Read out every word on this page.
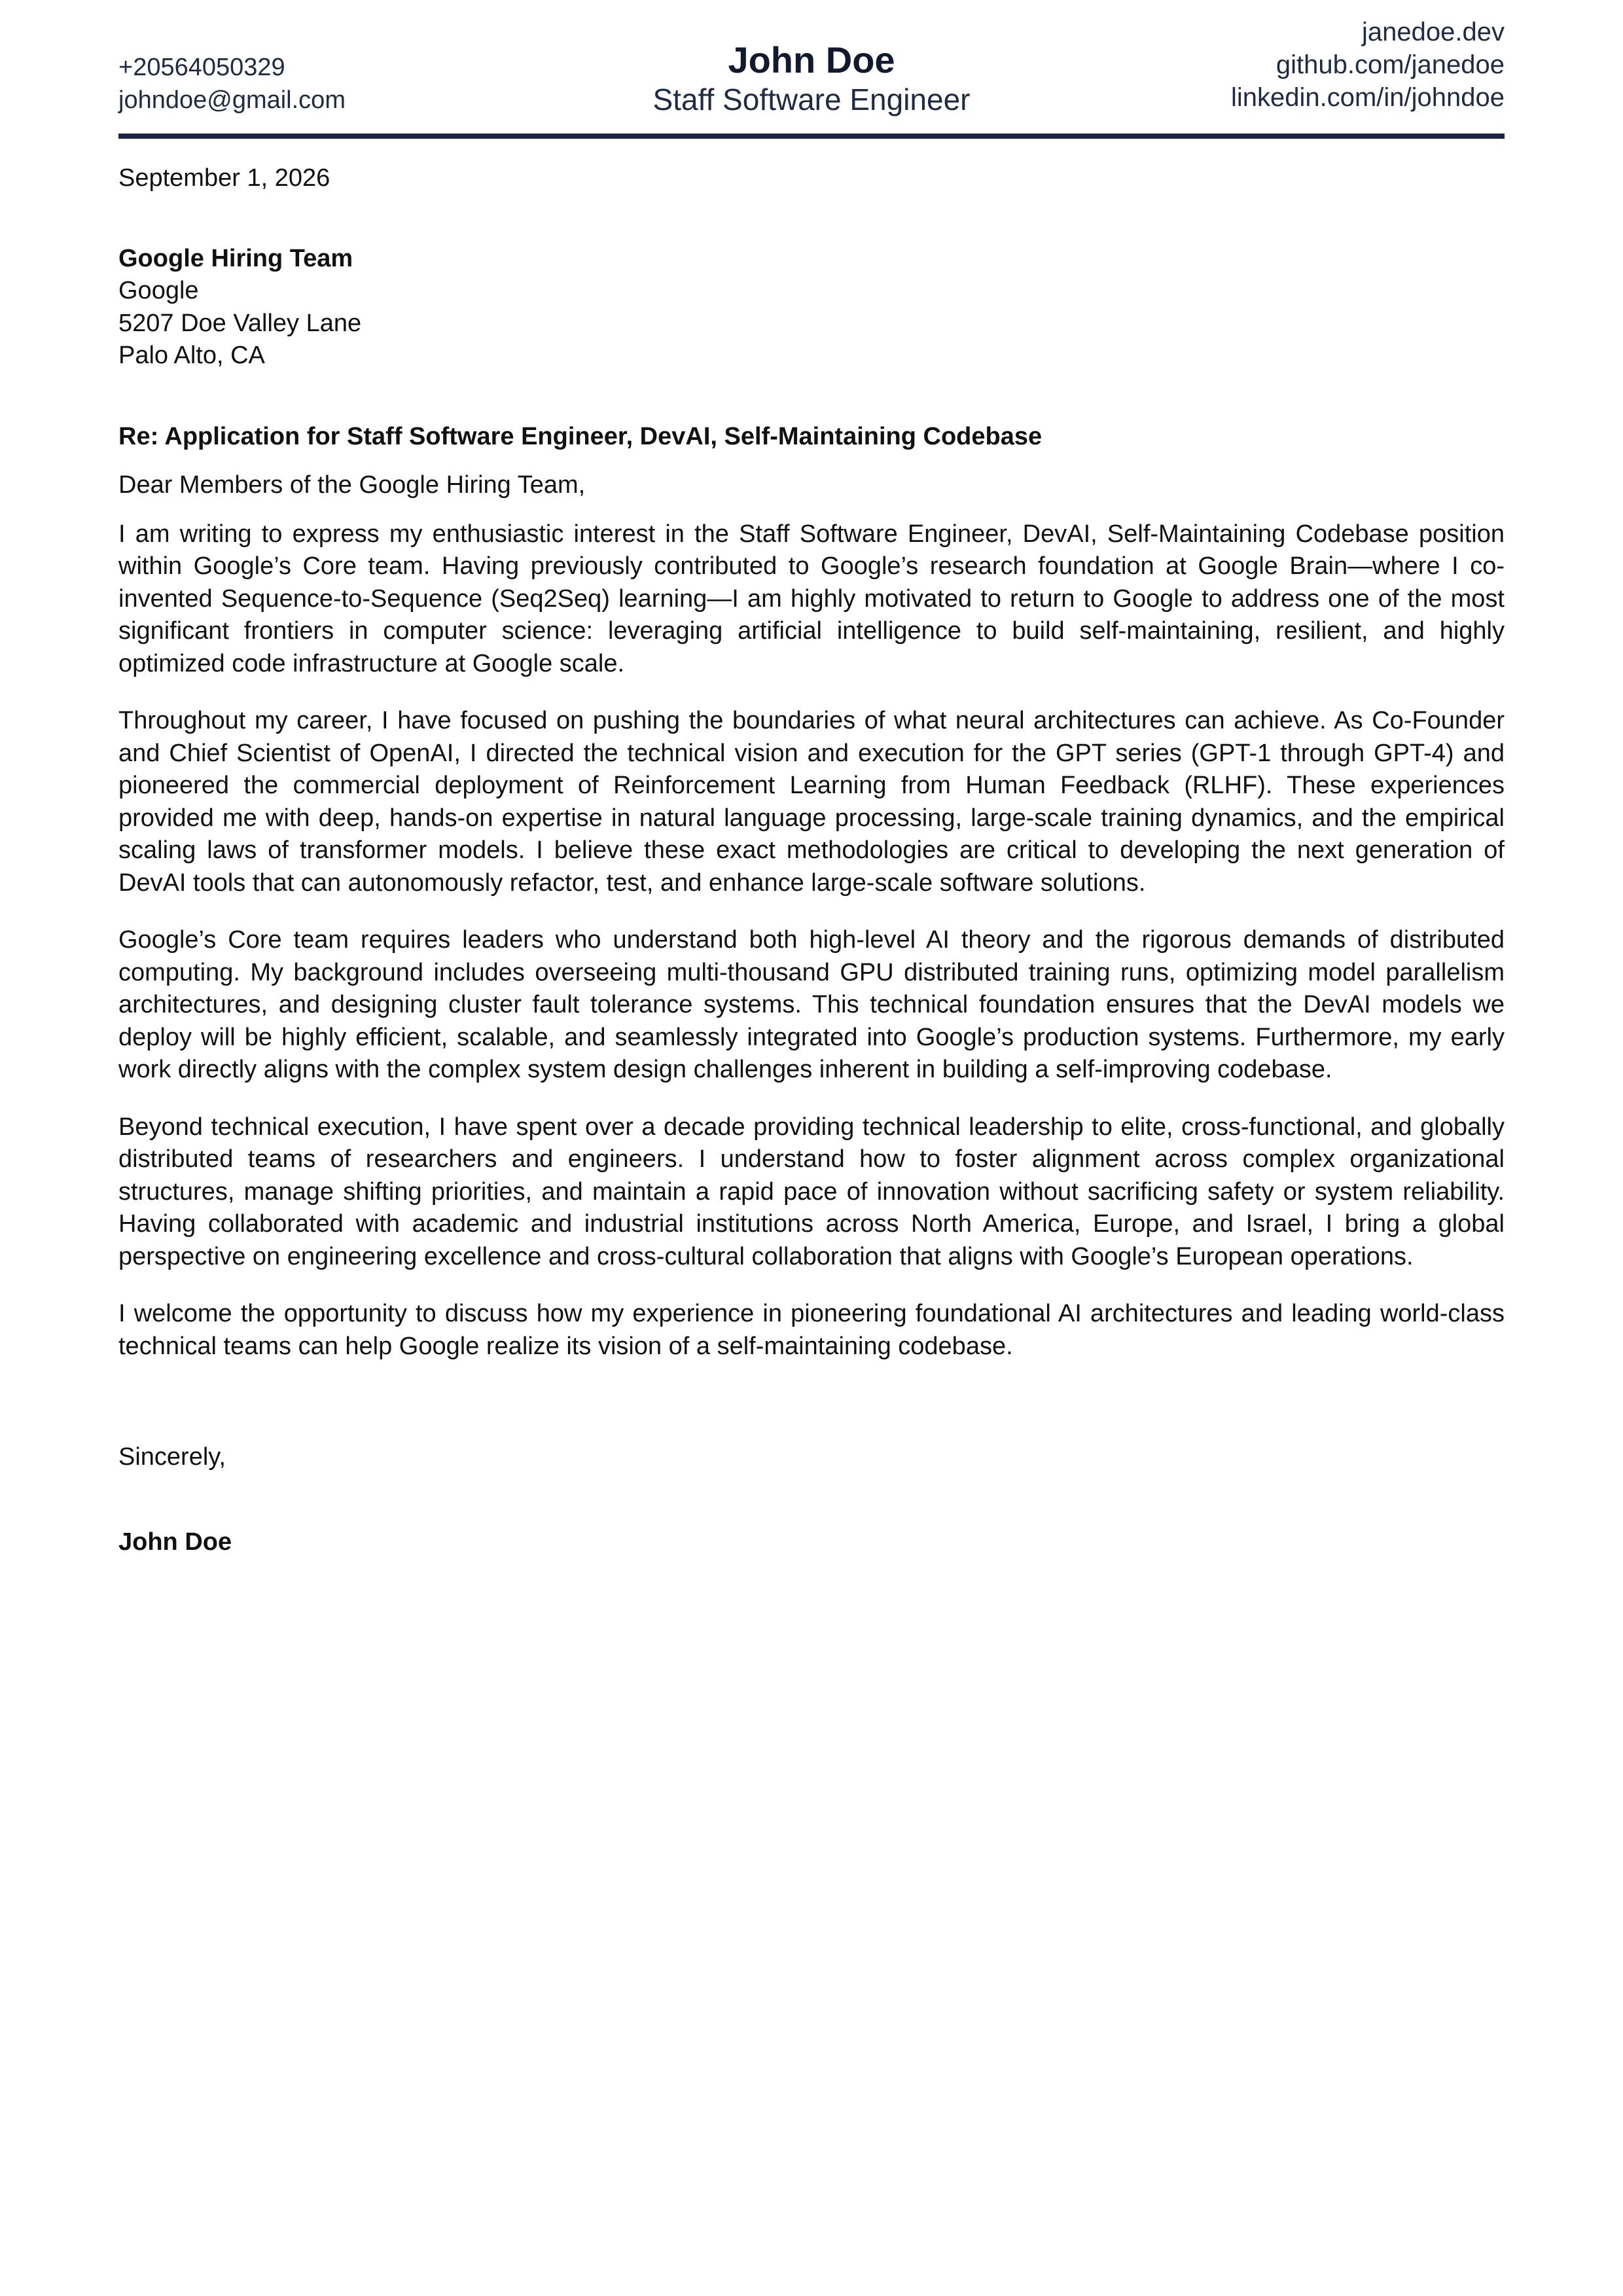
+20564050329
johndoe@gmail.com
John Doe
Staff Software Engineer
janedoe.dev
github.com/janedoe
linkedin.com/in/johndoe
September 1, 2026
Google Hiring Team
Google
5207 Doe Valley Lane
Palo Alto, CA
Re: Application for Staff Software Engineer, DevAI, Self-Maintaining Codebase
Dear Members of the Google Hiring Team,

I am writing to express my enthusiastic interest in the Staff Software Engineer, DevAI, Self-Maintaining Codebase position within Google’s Core team. Having previously contributed to Google’s research foundation at Google Brain—where I co-invented Sequence-to-Sequence (Seq2Seq) learning—I am highly motivated to return to Google to address one of the most significant frontiers in computer science: leveraging artificial intelligence to build self-maintaining, resilient, and highly optimized code infrastructure at Google scale.

Throughout my career, I have focused on pushing the boundaries of what neural architectures can achieve. As Co-Founder and Chief Scientist of OpenAI, I directed the technical vision and execution for the GPT series (GPT-1 through GPT-4) and pioneered the commercial deployment of Reinforcement Learning from Human Feedback (RLHF). These experiences provided me with deep, hands-on expertise in natural language processing, large-scale training dynamics, and the empirical scaling laws of transformer models. I believe these exact methodologies are critical to developing the next generation of DevAI tools that can autonomously refactor, test, and enhance large-scale software solutions.

Google’s Core team requires leaders who understand both high-level AI theory and the rigorous demands of distributed computing. My background includes overseeing multi-thousand GPU distributed training runs, optimizing model parallelism architectures, and designing cluster fault tolerance systems. This technical foundation ensures that the DevAI models we deploy will be highly efficient, scalable, and seamlessly integrated into Google’s production systems. Furthermore, my early work directly aligns with the complex system design challenges inherent in building a self-improving codebase.

Beyond technical execution, I have spent over a decade providing technical leadership to elite, cross-functional, and globally distributed teams of researchers and engineers. I understand how to foster alignment across complex organizational structures, manage shifting priorities, and maintain a rapid pace of innovation without sacrificing safety or system reliability. Having collaborated with academic and industrial institutions across North America, Europe, and Israel, I bring a global perspective on engineering excellence and cross-cultural collaboration that aligns with Google’s European operations.

I welcome the opportunity to discuss how my experience in pioneering foundational AI architectures and leading world-class technical teams can help Google realize its vision of a self-maintaining codebase.

Sincerely,
John Doe
